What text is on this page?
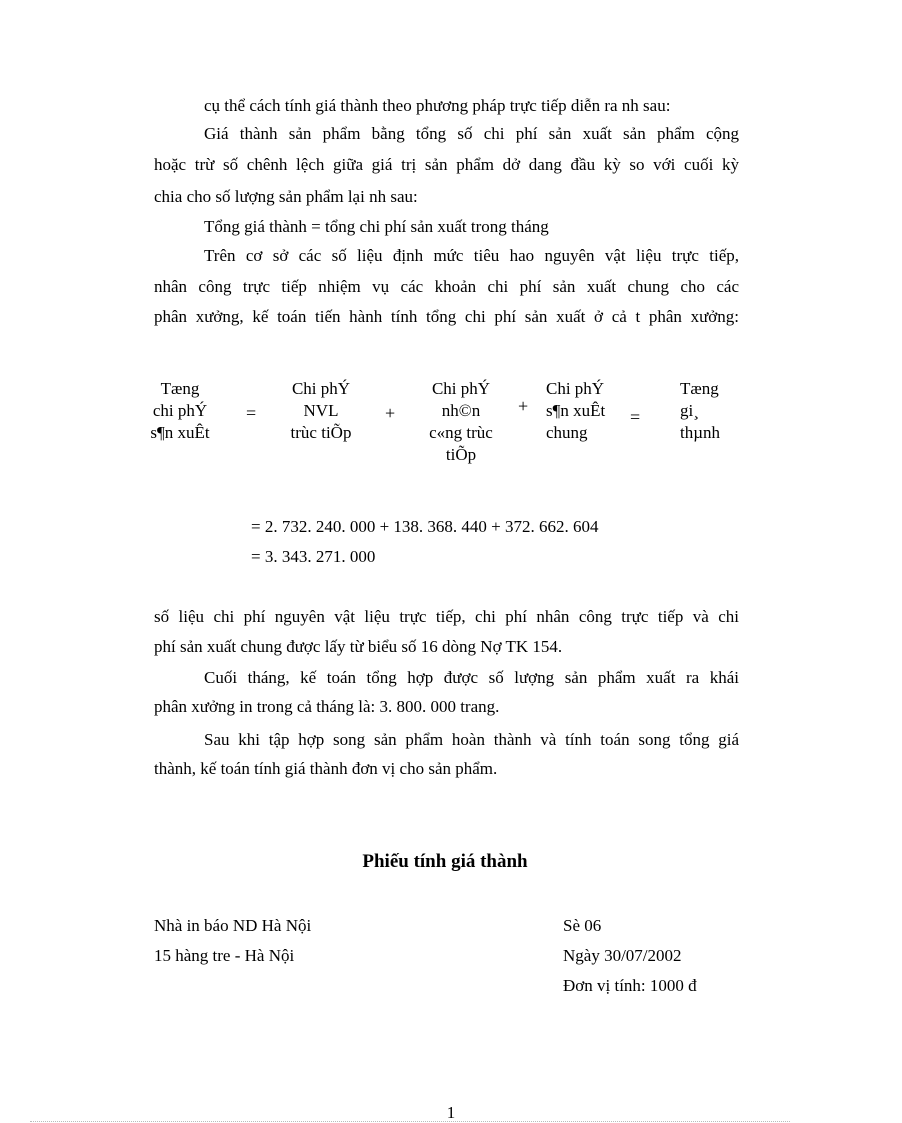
cụ thể cách tính giá thành theo phương pháp trực tiếp diễn ra nh sau:
Giá thành sản phẩm bằng tổng số chi phí sản xuất sản phẩm cộng
hoặc trừ số chênh lệch giữa giá trị sản phẩm dở dang đầu kỳ so với cuối kỳ
chia cho số lượng sản phẩm lại nh sau:
Tổng giá thành = tổng chi phí sản xuất trong tháng
Trên cơ sở các số liệu định mức tiêu hao nguyên vật liệu trực tiếp,
nhân công trực tiếp nhiệm vụ các khoản chi phí sản xuất chung cho các
phân xưởng, kế toán tiến hành tính tổng chi phí sản xuất ở cả t phân xưởng:
Tæng
chi phÝ
s¶n xuÊt
=
Chi phÝ
NVL
trùc tiÕp
+
Chi phÝ
nh©n
c«ng trùc
tiÕp
+
Chi phÝ
s¶n xuÊt
chung
=
Tæng
gi¸
thµnh
= 2. 732. 240. 000 + 138. 368. 440 + 372. 662. 604
= 3. 343. 271. 000
số liệu chi phí nguyên vật liệu trực tiếp, chi phí nhân công trực tiếp và chi
phí sản xuất chung được lấy từ biểu số 16 dòng Nợ TK 154.
Cuối tháng, kế toán tổng hợp được số lượng sản phẩm xuất ra khái
phân xưởng in trong cả tháng là: 3. 800. 000 trang.
Sau khi tập hợp song sản phẩm hoàn thành và tính toán song tổng giá
thành, kế toán tính giá thành đơn vị cho sản phẩm.
Phiếu tính giá thành
Nhà in báo ND Hà Nội
15 hàng tre - Hà Nội
Sè 06
Ngày 30/07/2002
Đơn vị tính: 1000 đ
1
